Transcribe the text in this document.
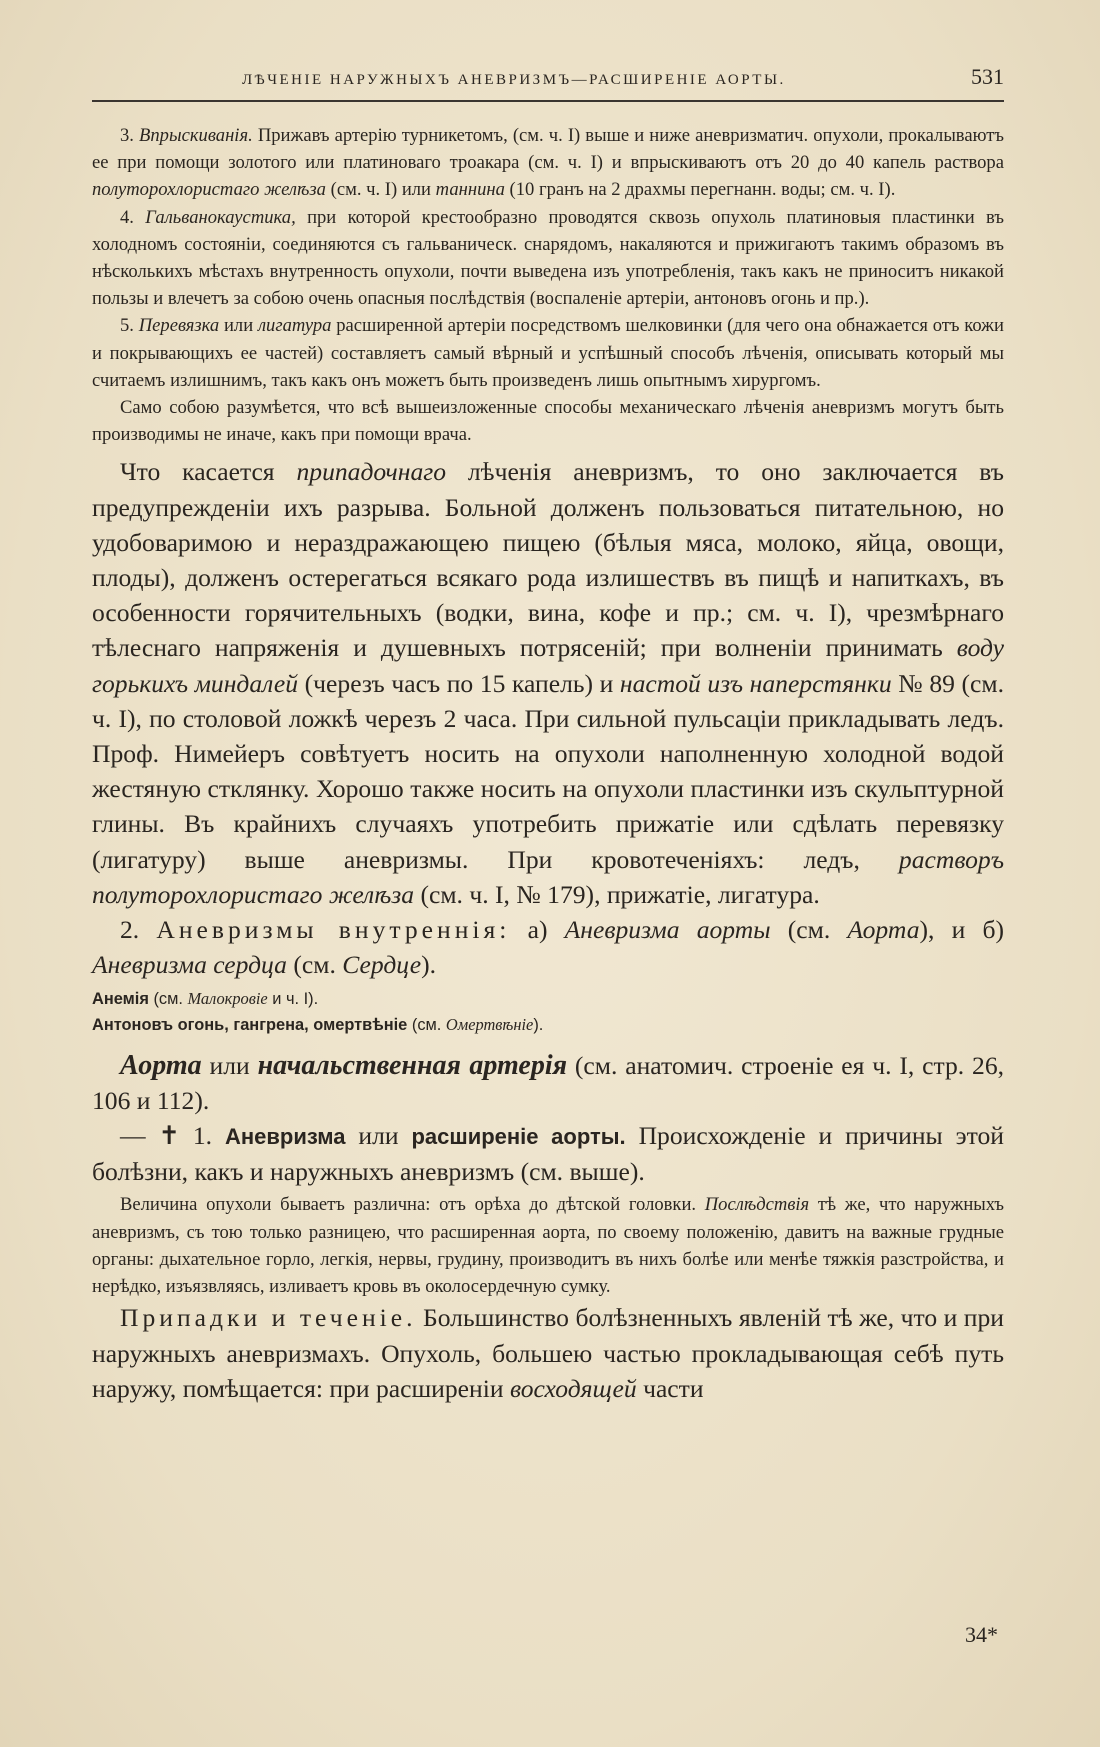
ЛѢЧЕНІЕ НАРУЖНЫХЪ АНЕВРИЗМЪ—РАСШИРЕНІЕ АОРТЫ.	531

3. Впрыскиванія. Прижавъ артерію турникетомъ, (см. ч. I) выше и ниже аневризматич. опухоли, прокалываютъ ее при помощи золотого или платиноваго троакара (см. ч. I) и впрыскиваютъ отъ 20 до 40 капель раствора полуторохлористаго желѣза (см. ч. I) или таннина (10 гранъ на 2 драхмы перегнанн. воды; см. ч. I).

4. Гальванокаустика, при которой крестообразно проводятся сквозь опухоль платиновыя пластинки въ холодномъ состояніи, соединяются съ гальваническ. снарядомъ, накаляются и прижигаютъ такимъ образомъ въ нѣсколькихъ мѣстахъ внутренность опухоли, почти выведена изъ употребленія, такъ какъ не приноситъ никакой пользы и влечетъ за собою очень опасныя послѣдствія (воспаленіе артеріи, антоновъ огонь и пр.).

5. Перевязка или лигатура расширенной артеріи посредствомъ шелковинки (для чего она обнажается отъ кожи и покрывающихъ ее частей) составляетъ самый вѣрный и успѣшный способъ лѣченія, описывать который мы считаемъ излишнимъ, такъ какъ онъ можетъ быть произведенъ лишь опытнымъ хирургомъ.

Само собою разумѣется, что всѣ вышеизложенные способы механическаго лѣченія аневризмъ могутъ быть производимы не иначе, какъ при помощи врача.

Что касается припадочнаго лѣченія аневризмъ, то оно заключается въ предупрежденіи ихъ разрыва. Больной долженъ пользоваться питательною, но удобоваримою и нераздражающею пищею (бѣлыя мяса, молоко, яйца, овощи, плоды), долженъ остерегаться всякаго рода излишествъ въ пищѣ и напиткахъ, въ особенности горячительныхъ (водки, вина, кофе и пр.; см. ч. I), чрезмѣрнаго тѣлеснаго напряженія и душевныхъ потрясеній; при волненіи принимать воду горькихъ миндалей (черезъ часъ по 15 капель) и настой изъ наперстянки № 89 (см. ч. I), по столовой ложкѣ черезъ 2 часа. При сильной пульсаціи прикладывать ледъ. Проф. Нимейеръ совѣтуетъ носить на опухоли наполненную холодной водой жестяную стклянку. Хорошо также носить на опухоли пластинки изъ скульптурной глины. Въ крайнихъ случаяхъ употребить прижатіе или сдѣлать перевязку (лигатуру) выше аневризмы. При кровотеченіяхъ: ледъ, растворъ полуторохлористаго желѣза (см. ч. I, № 179), прижатіе, лигатура.

2. Аневризмы внутреннія: а) Аневризма аорты (см. Аорта), и б) Аневризма сердца (см. Сердце).

Анемія (см. Малокровіе и ч. I).
Антоновъ огонь, гангрена, омертвѣніе (см. Омертвѣніе).

Аорта или начальственная артерія (см. анатомич. строеніе ея ч. I, стр. 26, 106 и 112).

— ✝ 1. Аневризма или расширеніе аорты. Происхожденіе и причины этой болѣзни, какъ и наружныхъ аневризмъ (см. выше).

Величина опухоли бываетъ различна: отъ орѣха до дѣтской головки. Послѣдствія тѣ же, что наружныхъ аневризмъ, съ тою только разницею, что расширенная аорта, по своему положенію, давитъ на важные грудные органы: дыхательное горло, легкія, нервы, грудину, производитъ въ нихъ болѣе или менѣе тяжкія разстройства, и нерѣдко, изъязвляясь, изливаетъ кровь въ околосердечную сумку.

Припадки и теченіе. Большинство болѣзненныхъ явленій тѣ же, что и при наружныхъ аневризмахъ. Опухоль, большею частью прокладывающая себѣ путь наружу, помѣщается: при расширеніи восходящей части

34*
